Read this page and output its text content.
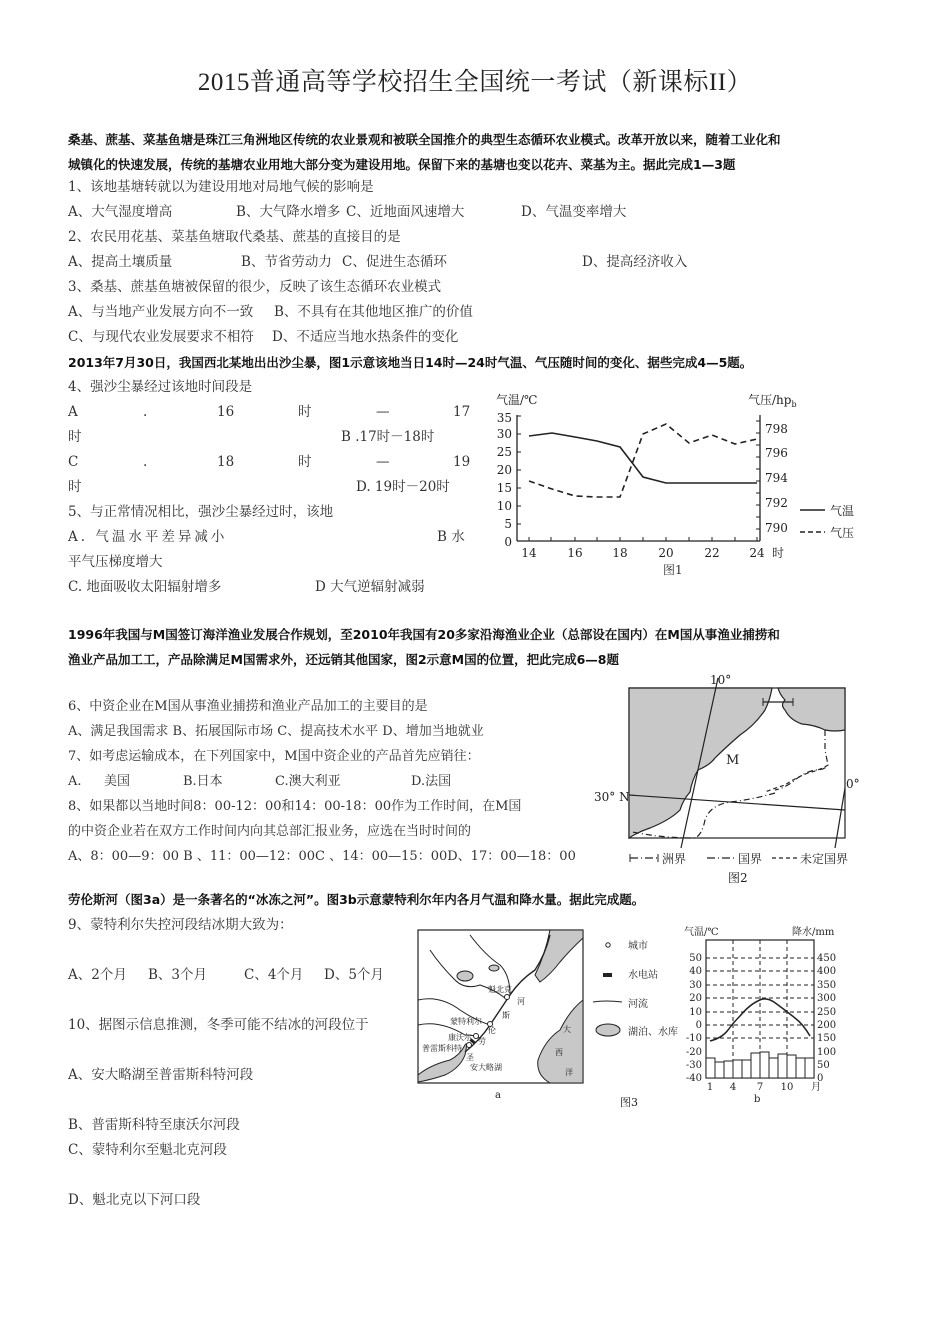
2015普通高等学校招生全国统一考试（新课标II）
桑基、蔗基、菜基鱼塘是珠江三角洲地区传统的农业景观和被联全国推介的典型生态循环农业模式。改革开放以来，随着工业化和
城镇化的快速发展，传统的基塘农业用地大部分变为建设用地。保留下来的基塘也变以花卉、菜基为主。据此完成1—3题
1、该地基塘转就以为建设用地对局地气候的影响是
A、大气湿度增高	B、大气降水增多 C、近地面风速增大	D、气温变率增大
2、农民用花基、菜基鱼塘取代桑基、蔗基的直接目的是
A、提高土壤质量	B、节省劳动力 C、促进生态循环	D、提高经济收入
3、桑基、蔗基鱼塘被保留的很少，反映了该生态循环农业模式
A、与当地产业发展方向不一致 B、不具有在其他地区推广的价值
C、与现代农业发展要求不相符 D、不适应当地水热条件的变化
2013年7月30日，我国西北某地出出沙尘暴，图1示意该地当日14时—24时气温、气压随时间的变化、据些完成4—5题。
4、强沙尘暴经过该地时间段是
A	.	16	时	—	17
时	B .17时－18时
C	.	18	时	—	19
时	D. 19时－20时
5、与正常情况相比，强沙尘暴经过时，该地
A. 气温水平差异减小	B 水
平气压梯度增大
C. 地面吸收太阳辐射增多	D 大气逆辐射减弱
气温/℃	气压$/hp_b$
35
30
25
20
15
10
5
0
798
796
794
792
790
14	16 18	20	22 24 时
气温
气压
图1
1996年我国与M国签订海洋渔业发展合作规划，至2010年我国有20多家沿海渔业企业（总部设在国内）在M国从事渔业捕捞和
渔业产品加工工，产品除满足M国需求外，还远销其他国家，图2示意M国的位置，把此完成6—8题
6、中资企业在M国从事渔业捕捞和渔业产品加工的主要目的是
A、满足我国需求 B、拓展国际市场 C、提高技术水平 D、增加当地就业
7、如考虑运输成本，在下列国家中，M国中资企业的产品首先应销往：
A. 美国	B.日本	C.澳大利亚	D.法国
8、如果都以当地时间8：00-12：00和14：00-18：00作为工作时间，在M国
的中资企业若在双方工作时间内向其总部汇报业务，应选在当时时间的
A、8：00—9：00 B 、11：00—12：00C 、14：00—15：00D、17：00—18：00
M
10°
0°
30° N
洲界	国界	未定国界
图2
劳伦斯河（图3a）是一条著名的“冰冻之河”。图3b示意蒙特利尔年内各月气温和降水量。据此完成题。
9、蒙特利尔失控河段结冰期大致为：
A、2个月 B、3个月	C、4个月 D、5个月
10、据图示信息推测，冬季可能不结冰的河段位于
A、安大略湖至普雷斯科特河段
B、普雷斯科特至康沃尔河段
C、蒙特利尔至魁北克河段
D、魁北克以下河口段
魁北克
蒙特利尔
康沃尔
普雷斯科特
圣
安大略湖
劳
伦
斯
河
大
西
洋
城市
水电站
河流
湖泊、水库
a
图3
气温/℃	降水/mm
50
40
30
20
10
0
-10
-20
-30
-40
450
400
350
300
250
200
150
100
50
0
1 4 7 10 月
b
